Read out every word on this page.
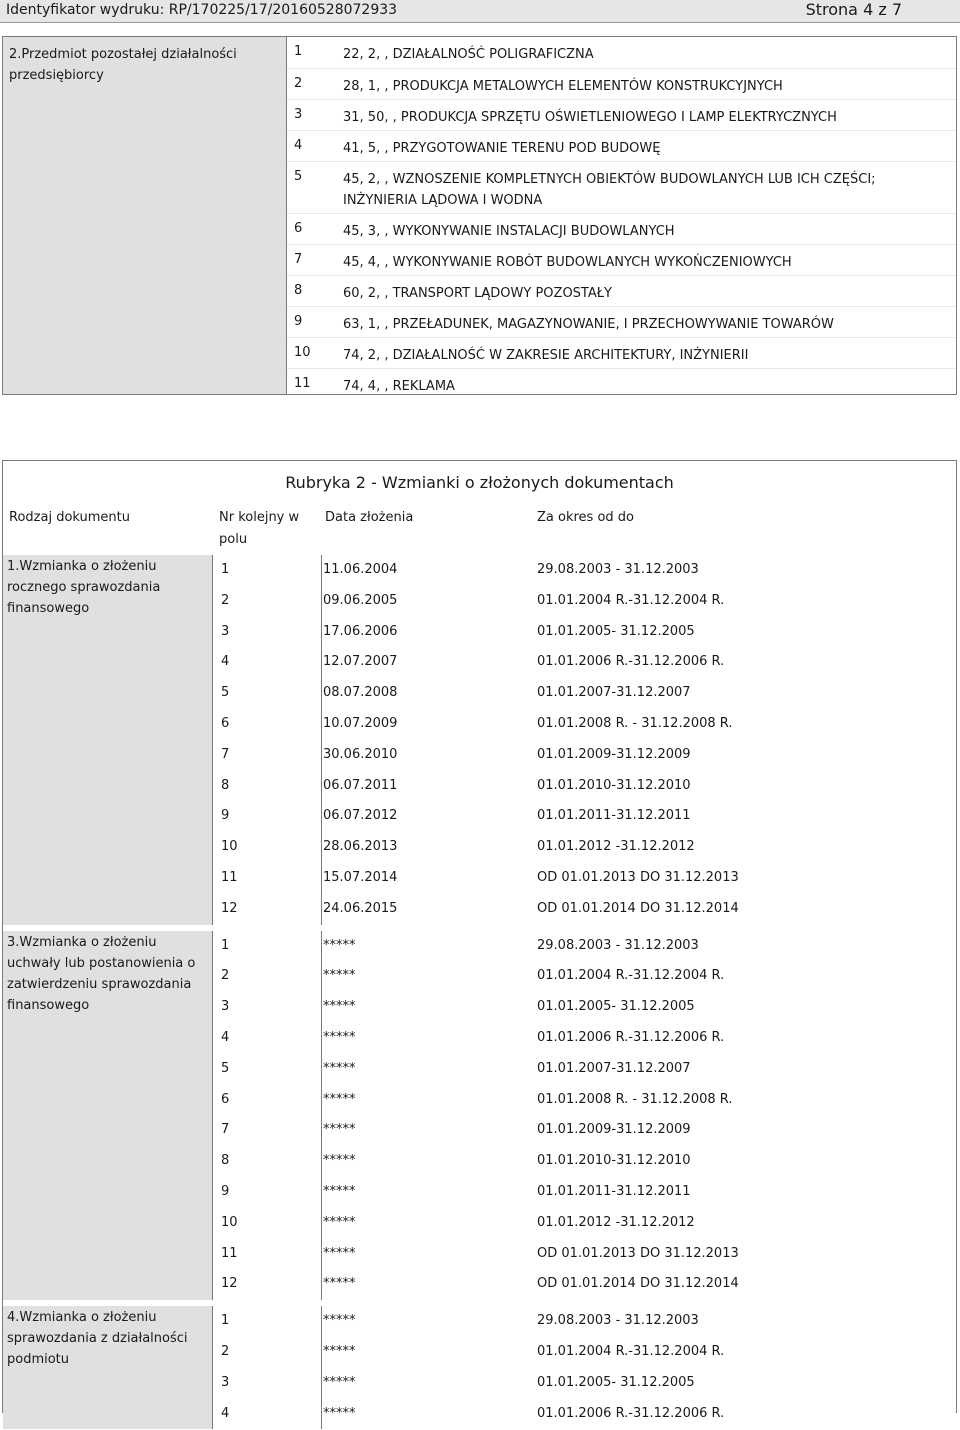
Identyfikator wydruku: RP/170225/17/20160528072933	Strona 4 z 7
2.Przedmiot pozostałej działalności przedsiębiorcy
1	22, 2, , DZIAŁALNOŚĆ POLIGRAFICZNA
2	28, 1, , PRODUKCJA METALOWYCH ELEMENTÓW KONSTRUKCYJNYCH
3	31, 50, , PRODUKCJA SPRZĘTU OŚWIETLENIOWEGO I LAMP ELEKTRYCZNYCH
4	41, 5, , PRZYGOTOWANIE TERENU POD BUDOWĘ
5	45, 2, , WZNOSZENIE KOMPLETNYCH OBIEKTÓW BUDOWLANYCH LUB ICH CZĘŚCI; INŻYNIERIA LĄDOWA I WODNA
6	45, 3, , WYKONYWANIE INSTALACJI BUDOWLANYCH
7	45, 4, , WYKONYWANIE ROBÓT BUDOWLANYCH WYKOŃCZENIOWYCH
8	60, 2, , TRANSPORT LĄDOWY POZOSTAŁY
9	63, 1, , PRZEŁADUNEK, MAGAZYNOWANIE, I PRZECHOWYWANIE TOWARÓW
10	74, 2, , DZIAŁALNOŚĆ W ZAKRESIE ARCHITEKTURY, INŻYNIERII
11	74, 4, , REKLAMA
Rubryka 2 - Wzmianki o złożonych dokumentach
Rodzaj dokumentu	Nr kolejny w polu
Data złożenia	Za okres od do
1.Wzmianka o złożeniu rocznego sprawozdania finansowego
1	11.06.2004	29.08.2003 - 31.12.2003
2	09.06.2005	01.01.2004 R.-31.12.2004 R.
3	17.06.2006	01.01.2005- 31.12.2005
4	12.07.2007	01.01.2006 R.-31.12.2006 R.
5	08.07.2008	01.01.2007-31.12.2007
6	10.07.2009	01.01.2008 R. - 31.12.2008 R.
7	30.06.2010	01.01.2009-31.12.2009
8	06.07.2011	01.01.2010-31.12.2010
9	06.07.2012	01.01.2011-31.12.2011
10	28.06.2013	01.01.2012 -31.12.2012
11	15.07.2014	OD 01.01.2013 DO 31.12.2013
12	24.06.2015	OD 01.01.2014 DO 31.12.2014
3.Wzmianka o złożeniu uchwały lub postanowienia o zatwierdzeniu sprawozdania finansowego
1	*****	29.08.2003 - 31.12.2003
2	*****	01.01.2004 R.-31.12.2004 R.
3	*****	01.01.2005- 31.12.2005
4	*****	01.01.2006 R.-31.12.2006 R.
5	*****	01.01.2007-31.12.2007
6	*****	01.01.2008 R. - 31.12.2008 R.
7	*****	01.01.2009-31.12.2009
8	*****	01.01.2010-31.12.2010
9	*****	01.01.2011-31.12.2011
10	*****	01.01.2012 -31.12.2012
11	*****	OD 01.01.2013 DO 31.12.2013
12	*****	OD 01.01.2014 DO 31.12.2014
4.Wzmianka o złożeniu sprawozdania z działalności podmiotu
1	*****	29.08.2003 - 31.12.2003
2	*****	01.01.2004 R.-31.12.2004 R.
3	*****	01.01.2005- 31.12.2005
4	*****	01.01.2006 R.-31.12.2006 R.
